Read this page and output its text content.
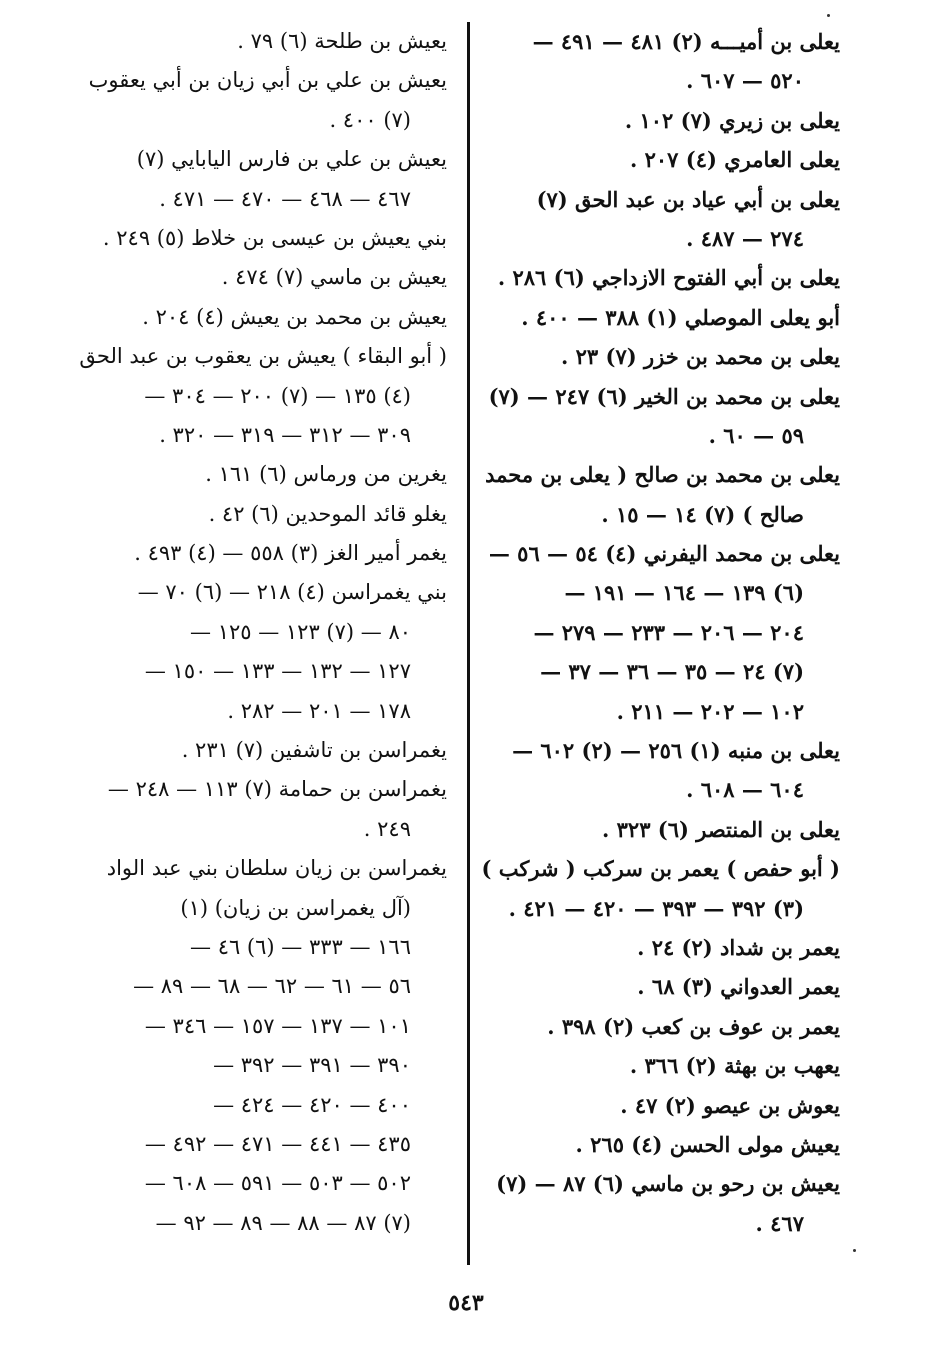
يعلى بن أميـــه (٢) ٤٨١ — ٤٩١ —
٥٢٠ — ٦٠٧ .
يعلى بن زيري (٧) ١٠٢ .
يعلى العامري (٤) ٢٠٧ .
يعلى بن أبي عياد بن عبد الحق (٧)
٢٧٤ — ٤٨٧ .
يعلى بن أبي الفتوح الازداجي (٦) ٢٨٦ .
أبو يعلى الموصلي (١) ٣٨٨ — ٤٠٠ .
يعلى بن محمد بن خزر (٧) ٢٣ .
يعلى بن محمد بن الخير (٦) ٢٤٧ — (٧)
٥٩ — ٦٠ .
يعلى بن محمد بن صالح ( يعلى بن محمد
صالح ) (٧) ١٤ — ١٥ .
يعلى بن محمد اليفرني (٤) ٥٤ — ٥٦ —
(٦) ١٣٩ — ١٦٤ — ١٩١ —
٢٠٤ — ٢٠٦ — ٢٣٣ — ٢٧٩ —
(٧) ٢٤ — ٣٥ — ٣٦ — ٣٧ —
١٠٢ — ٢٠٢ — ٢١١ .
يعلى بن منبه (١) ٢٥٦ — (٢) ٦٠٢ —
٦٠٤ — ٦٠٨ .
يعلى بن المنتصر (٦) ٣٢٣ .
( أبو حفص ) يعمر بن سركب ( شركب )
(٣) ٣٩٢ — ٣٩٣ — ٤٢٠ — ٤٢١ .
يعمر بن شداد (٢) ٢٤ .
يعمر العدواني (٣) ٦٨ .
يعمر بن عوف بن كعب (٢) ٣٩٨ .
يعهب بن بهثة (٢) ٣٦٦ .
يعوش بن عيصو (٢) ٤٧ .
يعيش مولى الحسن (٤) ٢٦٥ .
يعيش بن رحو بن ماسي (٦) ٨٧ — (٧)
٤٦٧ .
يعيش بن طلحة (٦) ٧٩ .
يعيش بن علي بن أبي زيان بن أبي يعقوب
(٧) ٤٠٠ .
يعيش بن علي بن فارس اليابايي (٧)
٤٦٧ — ٤٦٨ — ٤٧٠ — ٤٧١ .
بني يعيش بن عيسى بن خلاط (٥) ٢٤٩ .
يعيش بن ماسي (٧) ٤٧٤ .
يعيش بن محمد بن يعيش (٤) ٢٠٤ .
( أبو البقاء ) يعيش بن يعقوب بن عبد الحق
(٤) ١٣٥ — (٧) ٢٠٠ — ٣٠٤ —
٣٠٩ — ٣١٢ — ٣١٩ — ٣٢٠ .
يغرين من ورماس (٦) ١٦١ .
يغلو قائد الموحدين (٦) ٤٢ .
يغمر أمير الغز (٣) ٥٥٨ — (٤) ٤٩٣ .
بني يغمراسن (٤) ٢١٨ — (٦) ٧٠ —
٨٠ — (٧) ١٢٣ — ١٢٥ —
١٢٧ — ١٣٢ — ١٣٣ — ١٥٠ —
١٧٨ — ٢٠١ — ٢٨٢ .
يغمراسن بن تاشفين (٧) ٢٣١ .
يغمراسن بن حمامة (٧) ١١٣ — ٢٤٨ —
٢٤٩ .
يغمراسن بن زيان سلطان بني عبد الواد
(آل يغمراسن بن زيان) (١)
١٦٦ — ٣٣٣ — (٦) ٤٦ —
٥٦ — ٦١ — ٦٢ — ٦٨ — ٨٩ —
١٠١ — ١٣٧ — ١٥٧ — ٣٤٦ —
٣٩٠ — ٣٩١ — ٣٩٢ —
٤٠٠ — ٤٢٠ — ٤٢٤ —
٤٣٥ — ٤٤١ — ٤٧١ — ٤٩٢ —
٥٠٢ — ٥٠٣ — ٥٩١ — ٦٠٨ —
(٧) ٨٧ — ٨٨ — ٨٩ — ٩٢ —
٥٤٣
